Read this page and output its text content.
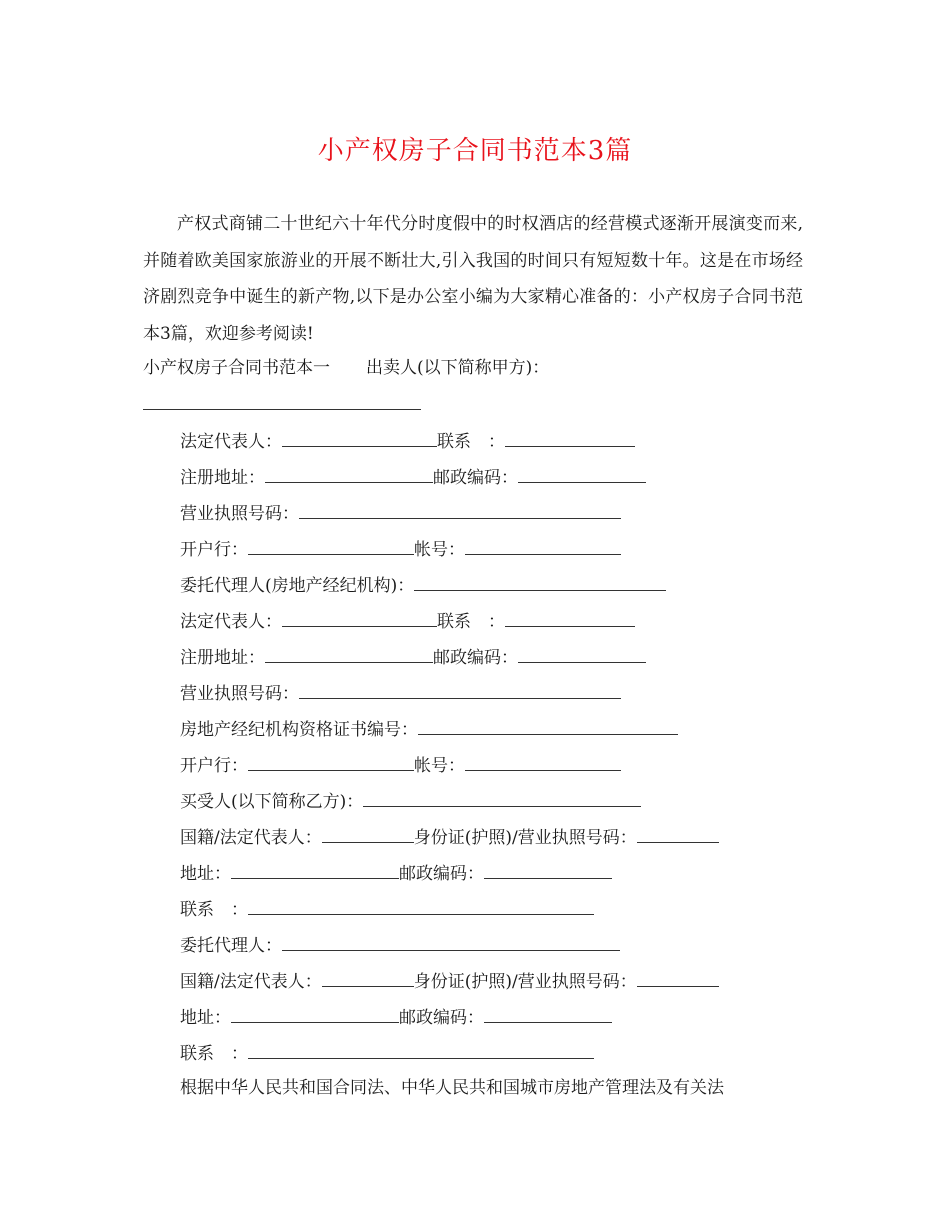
小产权房子合同书范本3篇

产权式商铺二十世纪六十年代分时度假中的时权酒店的经营模式逐渐开展演变而来,并随着欧美国家旅游业的开展不断壮大,引入我国的时间只有短短数十年。这是在市场经济剧烈竞争中诞生的新产物,以下是办公室小编为大家精心准备的：小产权房子合同书范本3篇，欢迎参考阅读!

小产权房子合同书范本一 出卖人(以下简称甲方)：
法定代表人：	联系　：
注册地址：	邮政编码：
营业执照号码：
开户行：	帐号：
委托代理人(房地产经纪机构)：
法定代表人：	联系　：
注册地址：	邮政编码：
营业执照号码：
房地产经纪机构资格证书编号：
开户行：	帐号：
买受人(以下简称乙方)：
国籍/法定代表人：	身份证(护照)/营业执照号码：
地址：	邮政编码：
联系　：
委托代理人：
国籍/法定代表人：	身份证(护照)/营业执照号码：
地址：	邮政编码：
联系　：
根据中华人民共和国合同法、中华人民共和国城市房地产管理法及有关法
